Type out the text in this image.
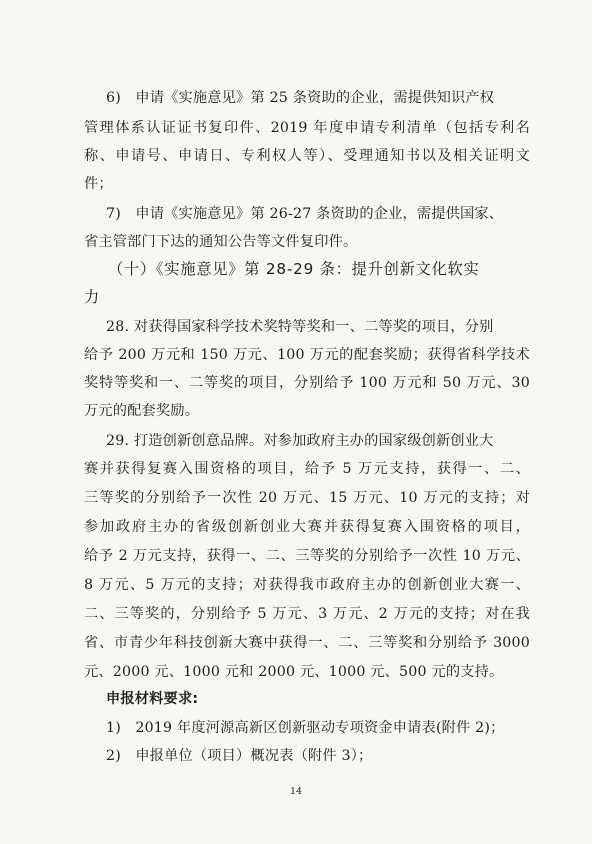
6)　申请《实施意见》第 25 条资助的企业，需提供知识产权
管理体系认证证书复印件、2019 年度申请专利清单（包括专利名
称、申请号、申请日、专利权人等）、受理通知书以及相关证明文
件；
7)　申请《实施意见》第 26-27 条资助的企业，需提供国家、
省主管部门下达的通知公告等文件复印件。
（十）《实施意见》第 28-29 条：提升创新文化软实
力
28. 对获得国家科学技术奖特等奖和一、二等奖的项目，分别
给予 200 万元和 150 万元、100 万元的配套奖励；获得省科学技术
奖特等奖和一、二等奖的项目，分别给予 100 万元和 50 万元、30
万元的配套奖励。
29. 打造创新创意品牌。对参加政府主办的国家级创新创业大
赛并获得复赛入围资格的项目，给予 5 万元支持，获得一、二、
三等奖的分别给予一次性 20 万元、15 万元、10 万元的支持；对
参加政府主办的省级创新创业大赛并获得复赛入围资格的项目，
给予 2 万元支持，获得一、二、三等奖的分别给予一次性 10 万元、
8 万元、5 万元的支持；对获得我市政府主办的创新创业大赛一、
二、三等奖的，分别给予 5 万元、3 万元、2 万元的支持；对在我
省、市青少年科技创新大赛中获得一、二、三等奖和分别给予 3000
元、2000 元、1000 元和 2000 元、1000 元、500 元的支持。
申报材料要求:
1)　2019 年度河源高新区创新驱动专项资金申请表(附件 2)；
2)　申报单位（项目）概况表（附件 3）；
14
